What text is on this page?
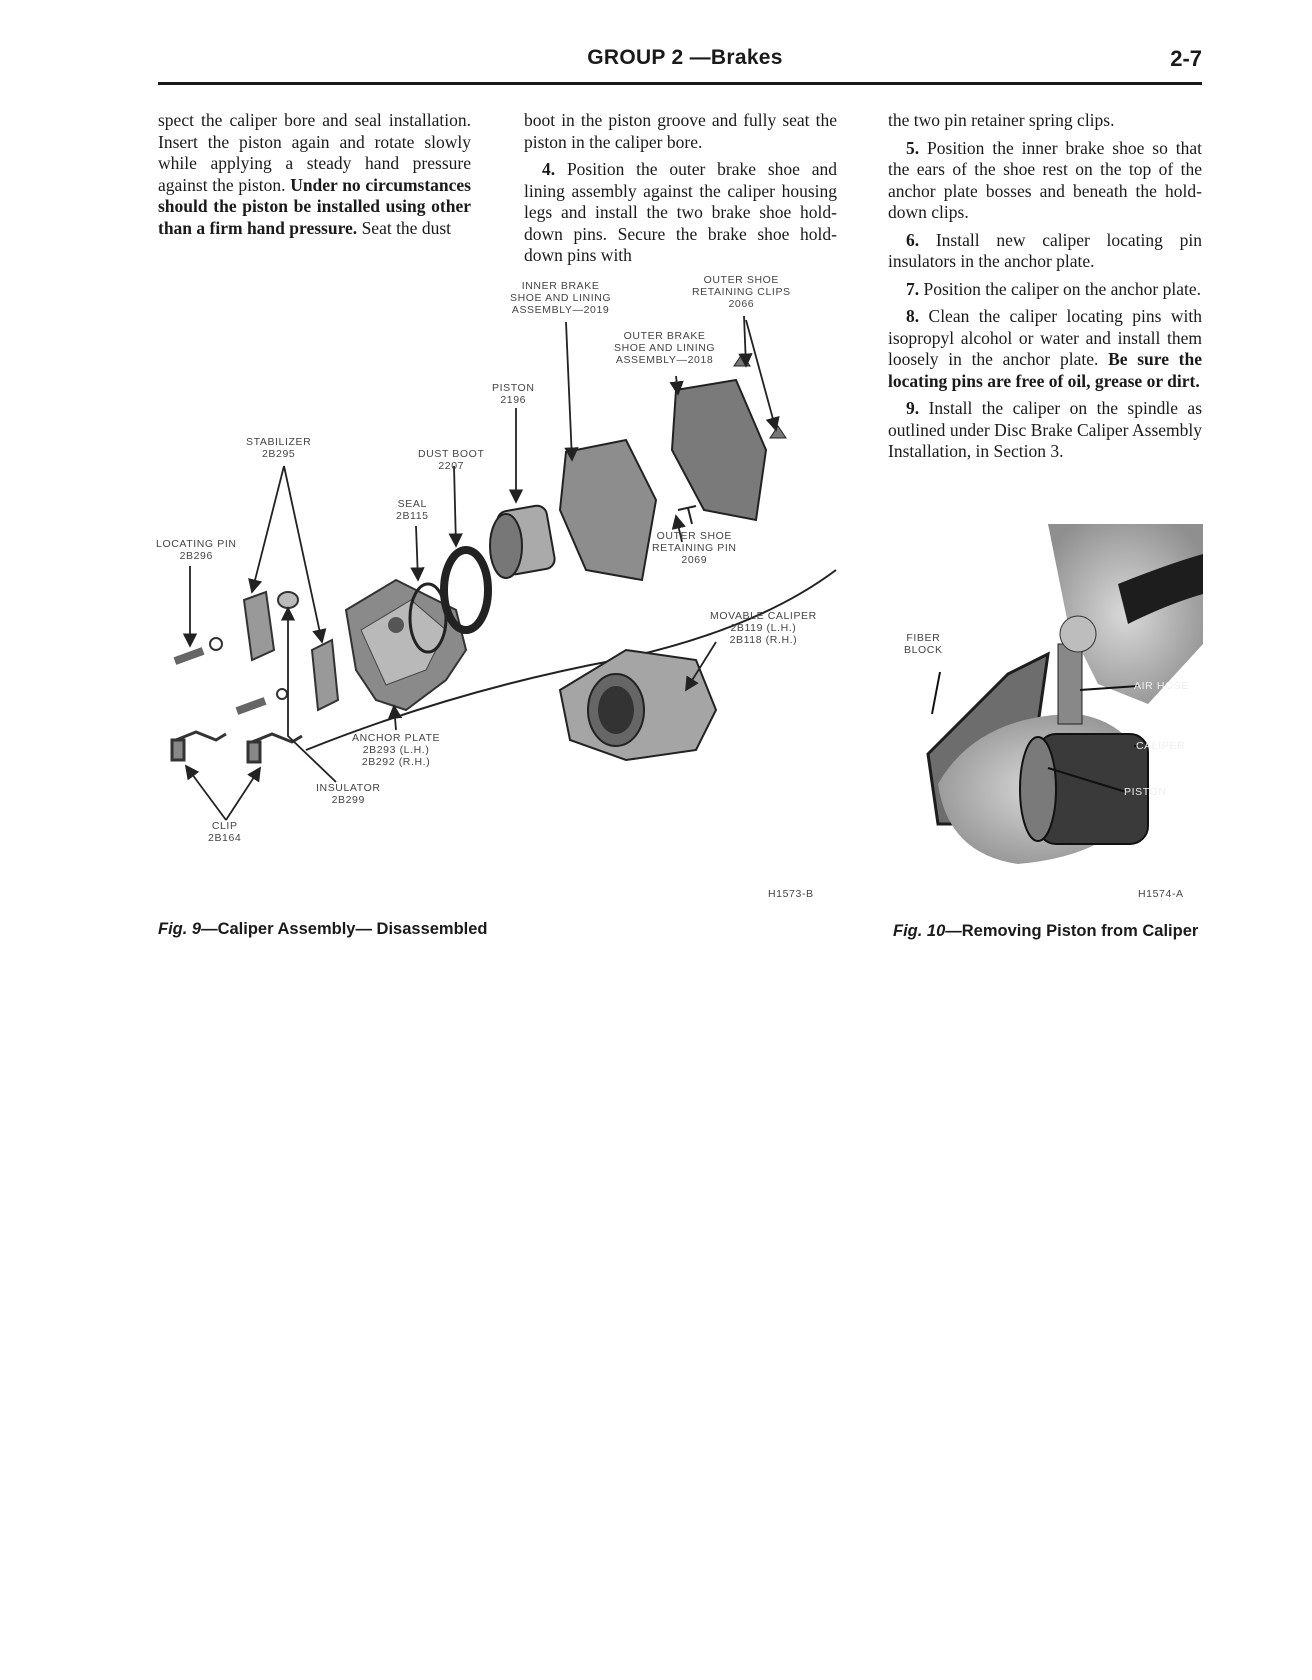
GROUP 2 —Brakes	2-7

spect the caliper bore and seal installation. Insert the piston again and rotate slowly while applying a steady hand pressure against the piston. Under no circumstances should the piston be installed using other than a firm hand pressure. Seat the dust

boot in the piston groove and fully seat the piston in the caliper bore.

4. Position the outer brake shoe and lining assembly against the caliper housing legs and install the two brake shoe hold-down pins. Secure the brake shoe hold-down pins with

the two pin retainer spring clips.

5. Position the inner brake shoe so that the ears of the shoe rest on the top of the anchor plate bosses and beneath the hold-down clips.

6. Install new caliper locating pin insulators in the anchor plate.

7. Position the caliper on the anchor plate.

8. Clean the caliper locating pins with isopropyl alcohol or water and install them loosely in the anchor plate. Be sure the locating pins are free of oil, grease or dirt.

9. Install the caliper on the spindle as outlined under Disc Brake Caliper Assembly Installation, in Section 3.

INNER BRAKE
SHOE AND LINING
ASSEMBLY—2019
OUTER SHOE
RETAINING CLIPS
2066
OUTER BRAKE
SHOE AND LINING
ASSEMBLY—2018
PISTON
2196
STABILIZER
2B295	DUST BOOT
2207
SEAL
2B115
LOCATING PIN
2B296
OUTER SHOE
RETAINING PIN
2069
MOVABLE CALIPER
2B119 (L.H.)
2B118 (R.H.)
ANCHOR PLATE
2B293 (L.H.)
2B292 (R.H.)
INSULATOR
2B299
CLIP
2B164
H1573-B
Fig. 9—Caliper Assembly— Disassembled
FIBER
BLOCK
AIR HOSE
CALIPER
PISTON
H1574-A
Fig. 10—Removing Piston from Caliper
